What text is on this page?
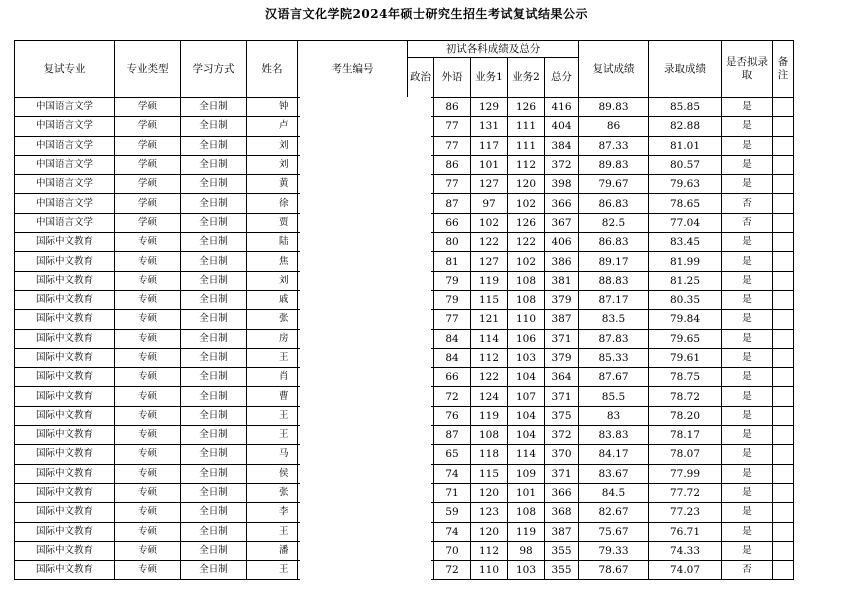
汉语言文化学院2024年硕士研究生招生考试复试结果公示
复试专业	专业类型	学习方式	姓名	考生编号	初试各科成绩及总分					复试成绩	录取成绩	是否拟录取	备注
					政治	外语	业务1	业务2	总分				
中国语言文学	学硕	全日制	钟			86	129	126	416	89.83	85.85	是	
中国语言文学	学硕	全日制	卢			77	131	111	404	86	82.88	是	
中国语言文学	学硕	全日制	刘			77	117	111	384	87.33	81.01	是	
中国语言文学	学硕	全日制	刘			86	101	112	372	89.83	80.57	是	
中国语言文学	学硕	全日制	黄			77	127	120	398	79.67	79.63	是	
中国语言文学	学硕	全日制	徐			87	97	102	366	86.83	78.65	否	
中国语言文学	学硕	全日制	贾			66	102	126	367	82.5	77.04	否	
国际中文教育	专硕	全日制	陆			80	122	122	406	86.83	83.45	是	
国际中文教育	专硕	全日制	焦			81	127	102	386	89.17	81.99	是	
国际中文教育	专硕	全日制	刘			79	119	108	381	88.83	81.25	是	
国际中文教育	专硕	全日制	戚			79	115	108	379	87.17	80.35	是	
国际中文教育	专硕	全日制	张			77	121	110	387	83.5	79.84	是	
国际中文教育	专硕	全日制	房			84	114	106	371	87.83	79.65	是	
国际中文教育	专硕	全日制	王			84	112	103	379	85.33	79.61	是	
国际中文教育	专硕	全日制	肖			66	122	104	364	87.67	78.75	是	
国际中文教育	专硕	全日制	曹			72	124	107	371	85.5	78.72	是	
国际中文教育	专硕	全日制	王			76	119	104	375	83	78.20	是	
国际中文教育	专硕	全日制	王			87	108	104	372	83.83	78.17	是	
国际中文教育	专硕	全日制	马			65	118	114	370	84.17	78.07	是	
国际中文教育	专硕	全日制	侯			74	115	109	371	83.67	77.99	是	
国际中文教育	专硕	全日制	张			71	120	101	366	84.5	77.72	是	
国际中文教育	专硕	全日制	李			59	123	108	368	82.67	77.23	是	
国际中文教育	专硕	全日制	王			74	120	119	387	75.67	76.71	是	
国际中文教育	专硕	全日制	潘			70	112	98	355	79.33	74.33	是	
国际中文教育	专硕	全日制	王			72	110	103	355	78.67	74.07	否	
